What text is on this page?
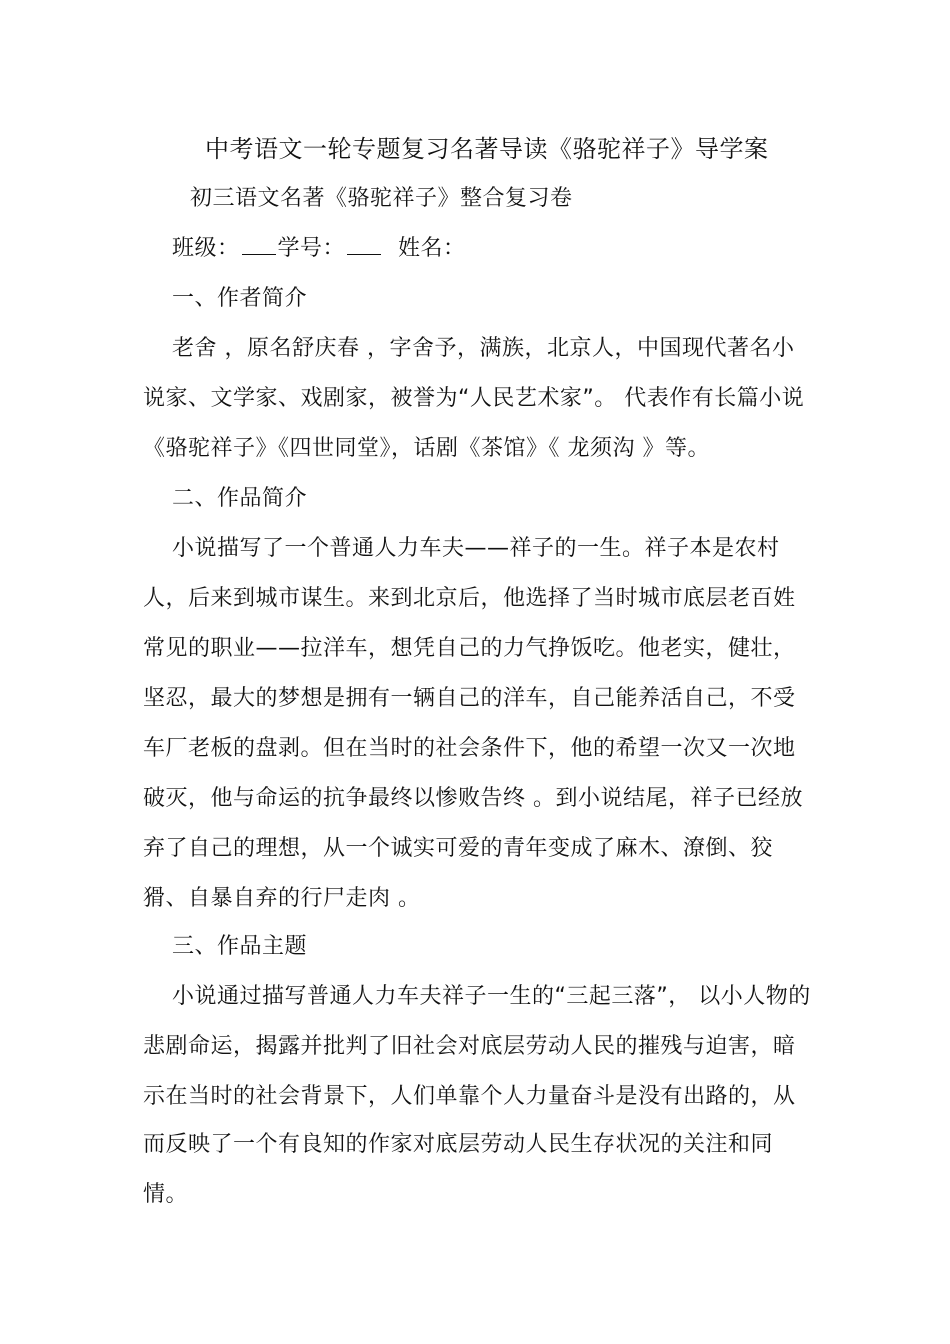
中考语文一轮专题复习名著导读《骆驼祥子》导学案
初三语文名著《骆驼祥子》整合复习卷
班级： 学号： 姓名：
一、作者简介
老舍 ，原名舒庆春 ，字舍予，满族，北京人，中国现代著名小
说家、文学家、戏剧家，被誉为“人民艺术家”。 代表作有长篇小说
《骆驼祥子》《四世同堂》，话剧《茶馆》《 龙须沟 》等。
二、作品简介
小说描写了一个普通人力车夫——祥子的一生。祥子本是农村
人，后来到城市谋生。来到北京后，他选择了当时城市底层老百姓
常见的职业——拉洋车，想凭自己的力气挣饭吃。他老实，健壮，
坚忍，最大的梦想是拥有一辆自己的洋车，自己能养活自己，不受
车厂老板的盘剥。但在当时的社会条件下，他的希望一次又一次地
破灭，他与命运的抗争最终以惨败告终 。到小说结尾，祥子已经放
弃了自己的理想，从一个诚实可爱的青年变成了麻木、潦倒、狡
猾、自暴自弃的行尸走肉 。
三、作品主题
小说通过描写普通人力车夫祥子一生的“三起三落”， 以小人物的
悲剧命运，揭露并批判了旧社会对底层劳动人民的摧残与迫害，暗
示在当时的社会背景下，人们单靠个人力量奋斗是没有出路的，从
而反映了一个有良知的作家对底层劳动人民生存状况的关注和同
情。
